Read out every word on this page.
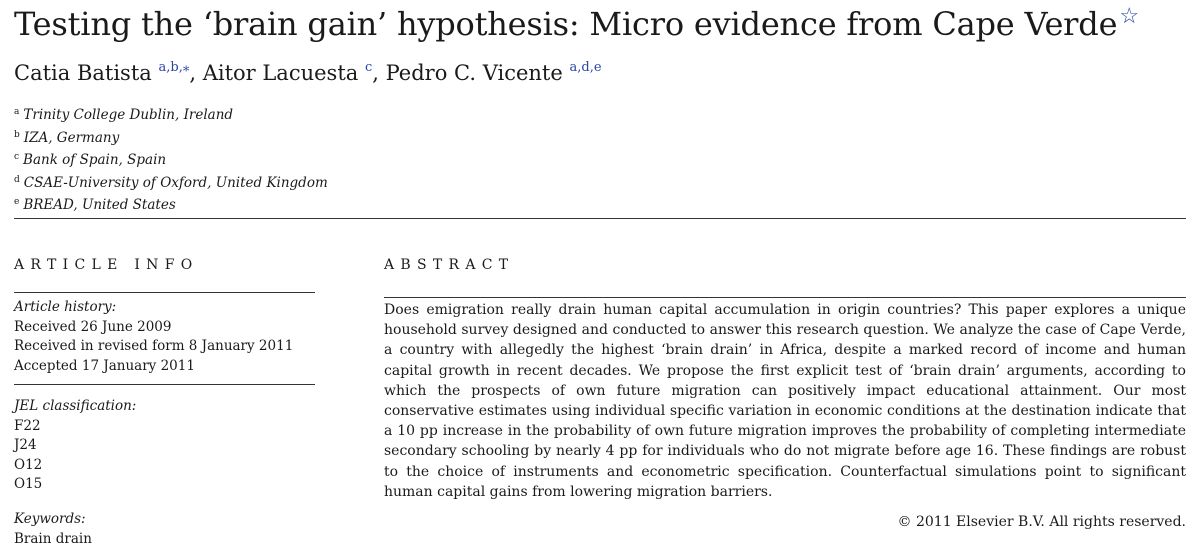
Testing the ‘brain gain’ hypothesis: Micro evidence from Cape Verde☆

Catia Batista $^{a,b,⁎}$, Aitor Lacuesta $^c$, Pedro C. Vicente $^{a,d,e}$

$^a$ Trinity College Dublin, Ireland
$^b$ IZA, Germany
$^c$ Bank of Spain, Spain
$^d$ CSAE-University of Oxford, United Kingdom
$^e$ BREAD, United States
ARTICLE INFO	ABSTRACT
Article history:
Received 26 June 2009
Received in revised form 8 January 2011
Accepted 17 January 2011
JEL classification:
F22
J24
O12
O15
Keywords:
Brain drain

Does emigration really drain human capital accumulation in origin countries? This paper explores a unique household survey designed and conducted to answer this research question. We analyze the case of Cape Verde, a country with allegedly the highest ‘brain drain’ in Africa, despite a marked record of income and human capital growth in recent decades. We propose the first explicit test of ‘brain drain’ arguments, according to which the prospects of own future migration can positively impact educational attainment. Our most conservative estimates using individual specific variation in economic conditions at the destination indicate that a 10 pp increase in the probability of own future migration improves the probability of completing intermediate secondary schooling by nearly 4 pp for individuals who do not migrate before age 16. These findings are robust to the choice of instruments and econometric specification. Counterfactual simulations point to significant human capital gains from lowering migration barriers.

© 2011 Elsevier B.V. All rights reserved.
